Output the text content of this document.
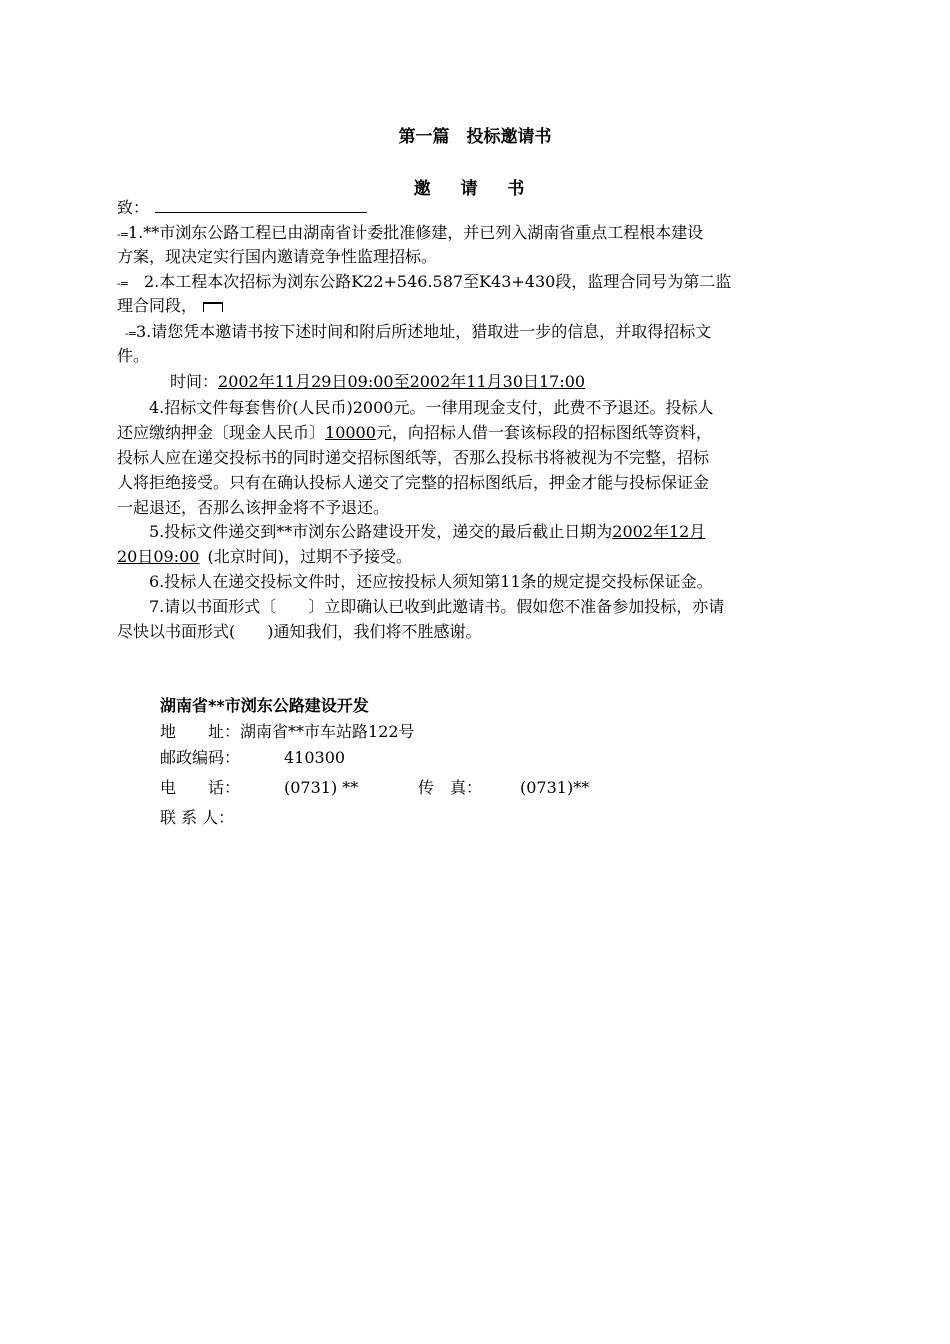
第一篇　投标邀请书
邀 请 书
致：
-=1.**市浏东公路工程已由湖南省计委批准修建，并已列入湖南省重点工程根本建设
方案，现决定实行国内邀请竞争性监理招标。
-=　2.本工程本次招标为浏东公路K22+546.587至K43+430段，监理合同号为第二监
理合同段，
-=3.请您凭本邀请书按下述时间和附后所述地址，猎取进一步的信息，并取得招标文
件。
时间：2002年11月29日09:00至2002年11月30日17:00
　　4.招标文件每套售价(人民币)2000元。一律用现金支付，此费不予退还。投标人
还应缴纳押金〔现金人民币〕10000元，向招标人借一套该标段的招标图纸等资料，
投标人应在递交投标书的同时递交招标图纸等，否那么投标书将被视为不完整，招标
人将拒绝接受。只有在确认投标人递交了完整的招标图纸后，押金才能与投标保证金
一起退还，否那么该押金将不予退还。
　　5.投标文件递交到**市浏东公路建设开发，递交的最后截止日期为2002年12月
20日09:00 (北京时间)，过期不予接受。
　　6.投标人在递交投标文件时，还应按投标人须知第11条的规定提交投标保证金。
　　7.请以书面形式〔　　〕立即确认已收到此邀请书。假如您不准备参加投标，亦请
尽快以书面形式(　　)通知我们，我们将不胜感谢。
湖南省**市浏东公路建设开发
地　　址：湖南省**市车站路122号
邮政编码：	410300
电　　话：	(0731) **	传　真： (0731)**
联 系 人：
